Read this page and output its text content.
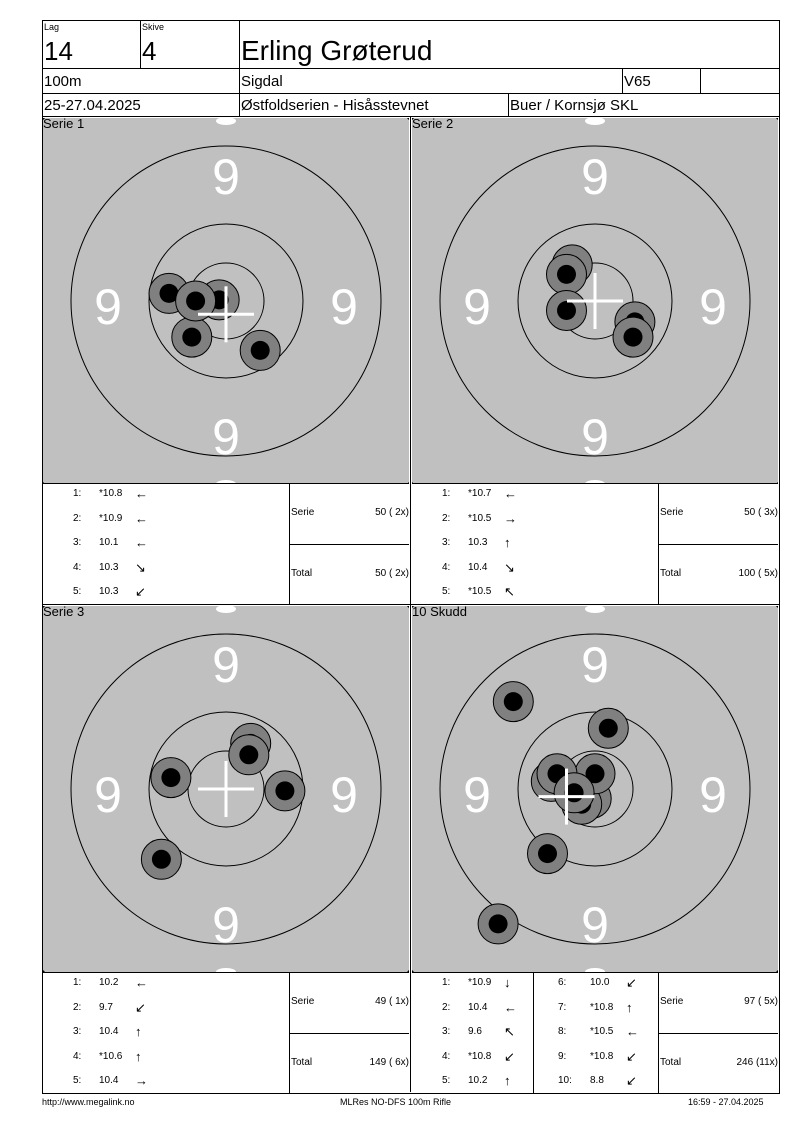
Lag
14
Skive
4	Erling Grøterud
100m	Sigdal	V65
25-27.04.2025	Østfoldserien - Hisåsstevnet	Buer / Kornsjø SKL
Serie 1
9
9
9	9
1: *10.8 ←
2: *10.9 ←
3: 10.1 ←
4: 10.3 ↘
5: 10.3 ↙
Serie	50 ( 2x)
Total	50 ( 2x)
Serie 2
9
9
9	9
1: *10.7 ←
2: *10.5 →
3: 10.3 ↑
4: 10.4 ↘
5: *10.5 ↖
Serie	50 ( 3x)
Total	100 ( 5x)
Serie 3
9
9
9	9
1: 10.2 ←
2: 9.7 ↙
3: 10.4 ↑
4: *10.6 ↑
5: 10.4 →
Serie	49 ( 1x)
Total	149 ( 6x)
10 Skudd
9
9
9	9
1: *10.9 ↓
2: 10.4 ←
3: 9.6 ↖
4: *10.8 ↙
5: 10.2 ↑
6: 10.0 ↙
7: *10.8 ↑
8: *10.5 ←
9: *10.8 ↙
10: 8.8 ↙
Serie	97 ( 5x)
Total	246 (11x)
http://www.megalink.no	MLRes NO-DFS 100m Rifle	16:59 - 27.04.2025
